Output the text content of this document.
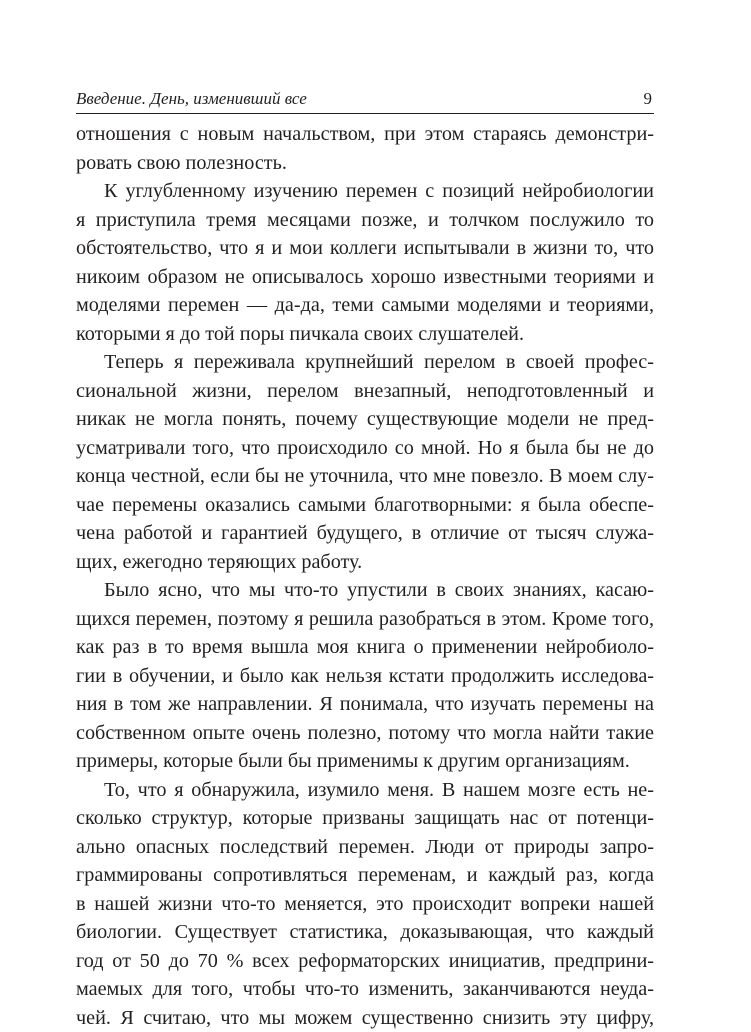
Введение. День, изменивший все	9
отношения с новым начальством, при этом стараясь демонстри-
ровать свою полезность.
К углубленному изучению перемен с позиций нейробиологии
я приступила тремя месяцами позже, и толчком послужило то
обстоятельство, что я и мои коллеги испытывали в жизни то, что
никоим образом не описывалось хорошо известными теориями и
моделями перемен — да-да, теми самыми моделями и теориями,
которыми я до той поры пичкала своих слушателей.
Теперь я переживала крупнейший перелом в своей профес-
сиональной жизни, перелом внезапный, неподготовленный и
никак не могла понять, почему существующие модели не пред-
усматривали того, что происходило со мной. Но я была бы не до
конца честной, если бы не уточнила, что мне повезло. В моем слу-
чае перемены оказались самыми благотворными: я была обеспе-
чена работой и гарантией будущего, в отличие от тысяч служа-
щих, ежегодно теряющих работу.
Было ясно, что мы что-то упустили в своих знаниях, касаю-
щихся перемен, поэтому я решила разобраться в этом. Кроме того,
как раз в то время вышла моя книга о применении нейробиоло-
гии в обучении, и было как нельзя кстати продолжить исследова-
ния в том же направлении. Я понимала, что изучать перемены на
собственном опыте очень полезно, потому что могла найти такие
примеры, которые были бы применимы к другим организациям.
То, что я обнаружила, изумило меня. В нашем мозге есть не-
сколько структур, которые призваны защищать нас от потенци-
ально опасных последствий перемен. Люди от природы запро-
граммированы сопротивляться переменам, и каждый раз, когда
в нашей жизни что-то меняется, это происходит вопреки нашей
биологии. Существует статистика, доказывающая, что каждый
год от 50 до 70 % всех реформаторских инициатив, предприни-
маемых для того, чтобы что-то изменить, заканчиваются неуда-
чей. Я считаю, что мы можем существенно снизить эту цифру,
